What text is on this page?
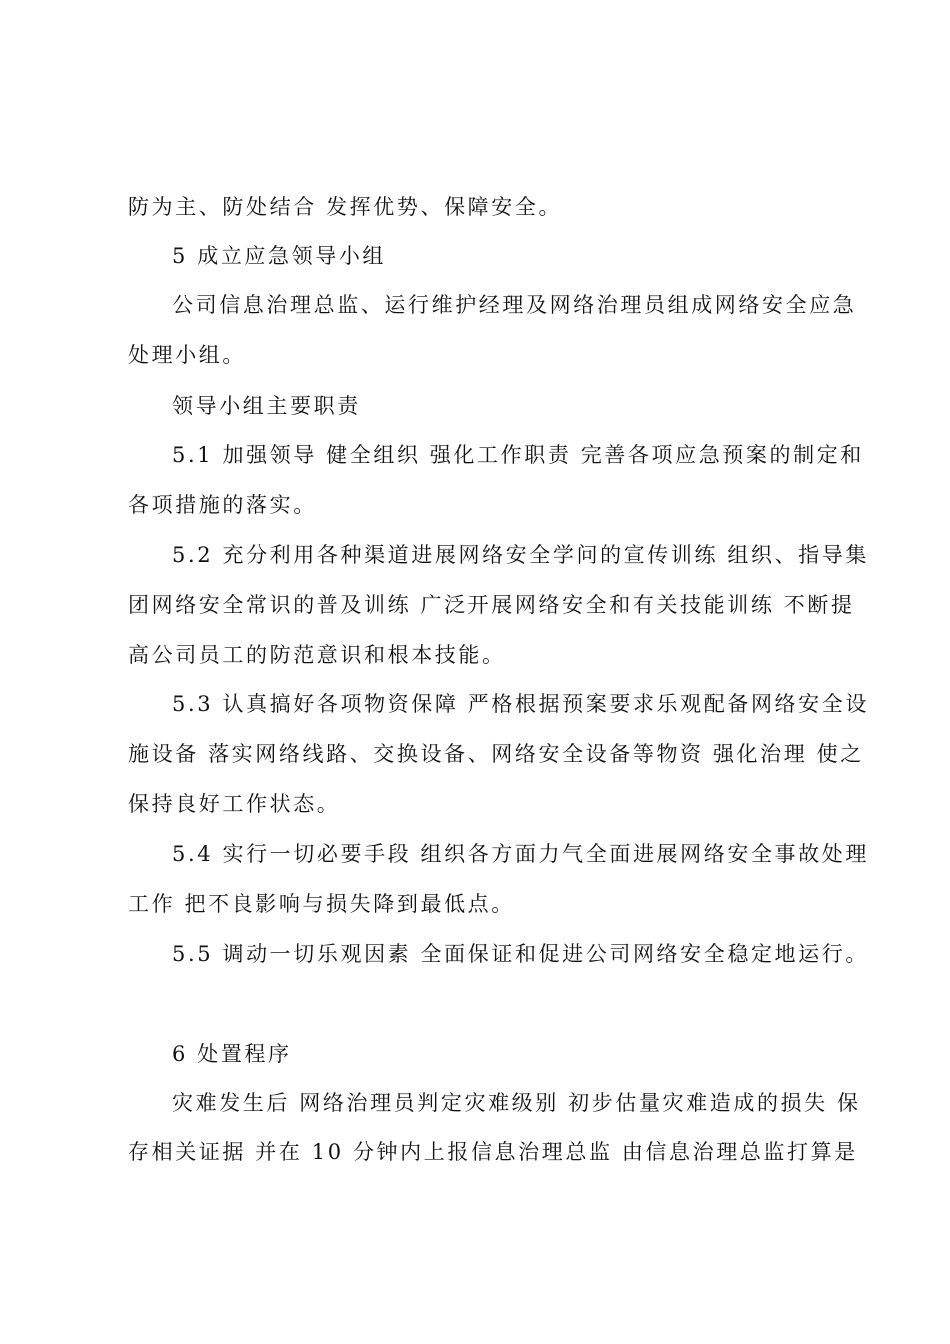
防为主、防处结合 发挥优势、保障安全。
5 成立应急领导小组
公司信息治理总监、运行维护经理及网络治理员组成网络安全应急
处理小组。
领导小组主要职责
5.1 加强领导 健全组织 强化工作职责 完善各项应急预案的制定和
各项措施的落实。
5.2 充分利用各种渠道进展网络安全学问的宣传训练 组织、指导集
团网络安全常识的普及训练 广泛开展网络安全和有关技能训练 不断提
高公司员工的防范意识和根本技能。
5.3 认真搞好各项物资保障 严格根据预案要求乐观配备网络安全设
施设备 落实网络线路、交换设备、网络安全设备等物资 强化治理 使之
保持良好工作状态。
5.4 实行一切必要手段 组织各方面力气全面进展网络安全事故处理
工作 把不良影响与损失降到最低点。
5.5 调动一切乐观因素 全面保证和促进公司网络安全稳定地运行。
6 处置程序
灾难发生后 网络治理员判定灾难级别 初步估量灾难造成的损失 保
存相关证据 并在 10 分钟内上报信息治理总监 由信息治理总监打算是
